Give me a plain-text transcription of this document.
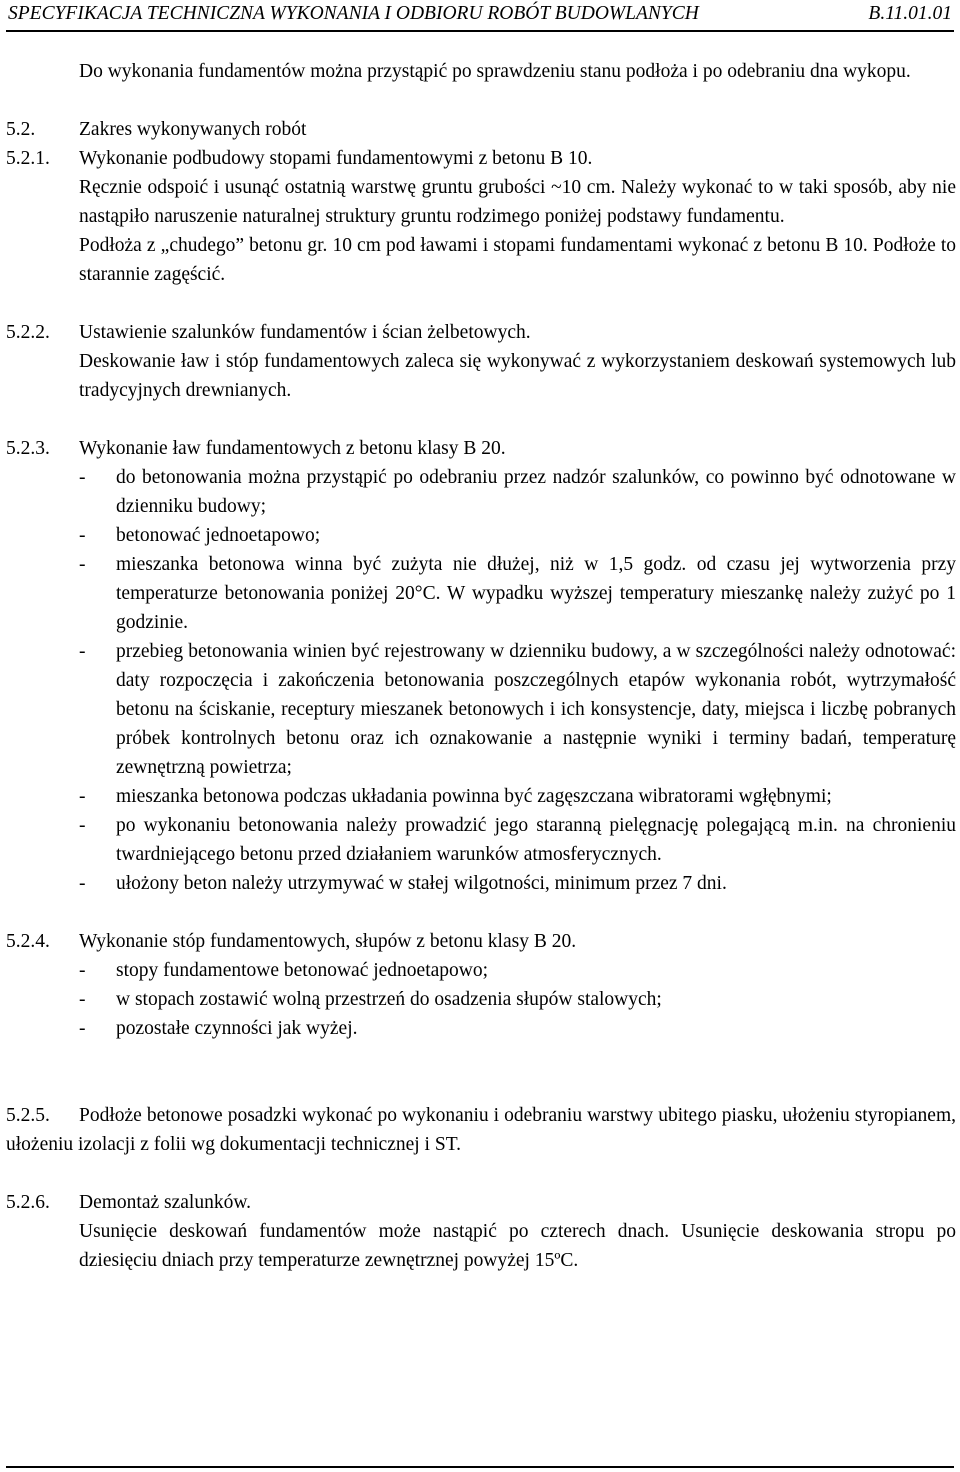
SPECYFIKACJA TECHNICZNA WYKONANIA I ODBIORU ROBÓT BUDOWLANYCH	B.11.01.01

Do wykonania fundamentów można przystąpić po sprawdzeniu stanu podłoża i po odebraniu dna wykopu.

5.2.	Zakres wykonywanych robót
5.2.1.	Wykonanie podbudowy stopami fundamentowymi z betonu B 10.

Ręcznie odspoić i usunąć ostatnią warstwę gruntu grubości ~10 cm. Należy wykonać to w taki sposób, aby nie nastąpiło naruszenie naturalnej struktury gruntu rodzimego poniżej podstawy fundamentu.

Podłoża z „chudego” betonu gr. 10 cm pod ławami i stopami fundamentami wykonać z betonu B 10. Podłoże to starannie zagęścić.

5.2.2.	Ustawienie szalunków fundamentów i ścian żelbetowych.

Deskowanie ław i stóp fundamentowych zaleca się wykonywać z wykorzystaniem deskowań systemowych lub tradycyjnych drewnianych.

5.2.3.	Wykonanie ław fundamentowych z betonu klasy B 20.
-	do betonowania można przystąpić po odebraniu przez nadzór szalunków, co powinno być odnotowane w dzienniku budowy;
-	betonować jednoetapowo;
-	mieszanka betonowa winna być zużyta nie dłużej, niż w 1,5 godz. od czasu jej wytworzenia przy temperaturze betonowania poniżej 20°C. W wypadku wyższej temperatury mieszankę należy zużyć po 1 godzinie.
-	przebieg betonowania winien być rejestrowany w dzienniku budowy, a w szczególności należy odnotować: daty rozpoczęcia i zakończenia betonowania poszczególnych etapów wykonania robót, wytrzymałość betonu na ściskanie, receptury mieszanek betonowych i ich konsystencje, daty, miejsca i liczbę pobranych próbek kontrolnych betonu oraz ich oznakowanie a następnie wyniki i terminy badań, temperaturę zewnętrzną powietrza;
-	mieszanka betonowa podczas układania powinna być zagęszczana wibratorami wgłębnymi;
-	po wykonaniu betonowania należy prowadzić jego staranną pielęgnację polegającą m.in. na chronieniu twardniejącego betonu przed działaniem warunków atmosferycznych.
-	ułożony beton należy utrzymywać w stałej wilgotności, minimum przez 7 dni.
5.2.4.	Wykonanie stóp fundamentowych, słupów z betonu klasy B 20.
-	stopy fundamentowe betonować jednoetapowo;
-	w stopach zostawić wolną przestrzeń do osadzenia słupów stalowych;
-	pozostałe czynności jak wyżej.

5.2.5. Podłoże betonowe posadzki wykonać po wykonaniu i odebraniu warstwy ubitego piasku, ułożeniu styropianem, ułożeniu izolacji z folii wg dokumentacji technicznej i ST.

5.2.6.	Demontaż szalunków.

Usunięcie deskowań fundamentów może nastąpić po czterech dnach. Usunięcie deskowania stropu po dziesięciu dniach przy temperaturze zewnętrznej powyżej 15ºC.
